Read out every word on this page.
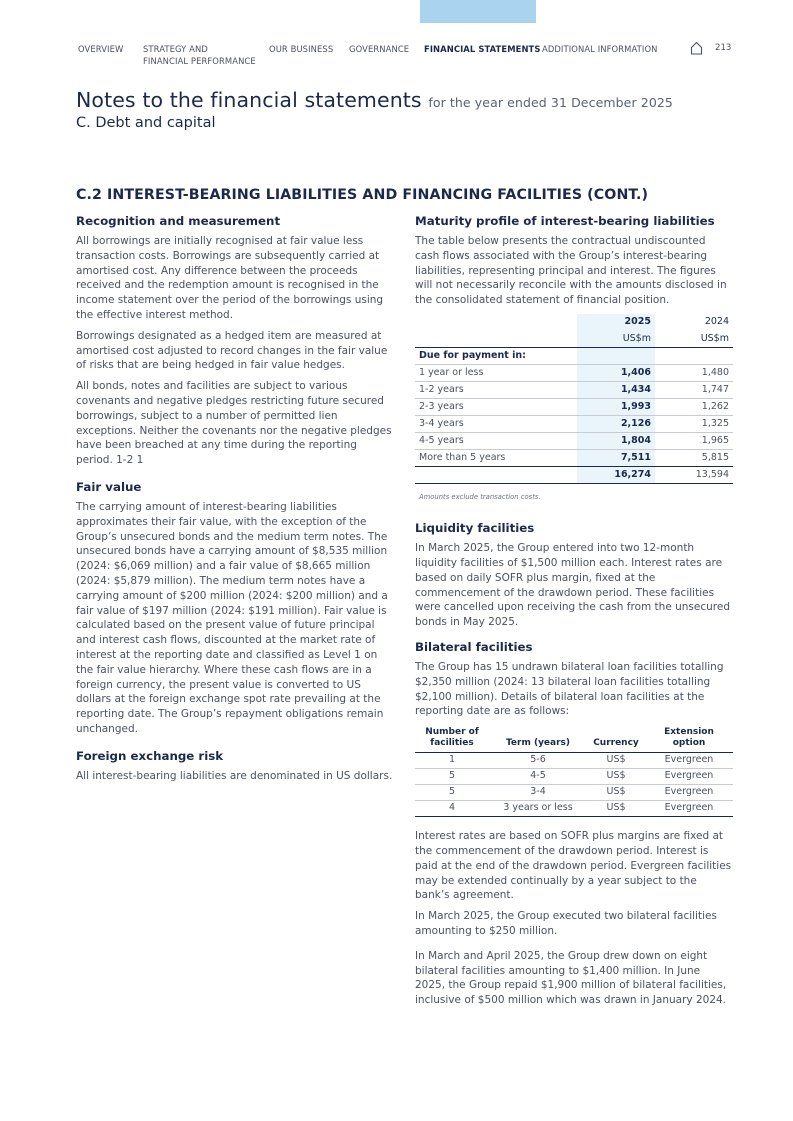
OVERVIEW STRATEGY AND
FINANCIAL PERFORMANCE
OUR BUSINESS GOVERNANCE FINANCIAL STATEMENTS ADDITIONAL INFORMATION	213
Notes to the financial statements for the year ended 31 December 2025
C. Debt and capital
C.2 INTEREST-BEARING LIABILITIES AND FINANCING FACILITIES (CONT.)
Recognition and measurement

All borrowings are initially recognised at fair value less transaction costs. Borrowings are subsequently carried at amortised cost. Any difference between the proceeds received and the redemption amount is recognised in the income statement over the period of the borrowings using the effective interest method.

Borrowings designated as a hedged item are measured at amortised cost adjusted to record changes in the fair value of risks that are being hedged in fair value hedges.

All bonds, notes and facilities are subject to various covenants and negative pledges restricting future secured borrowings, subject to a number of permitted lien exceptions. Neither the covenants nor the negative pledges have been breached at any time during the reporting period. 1-2 1

Fair value

The carrying amount of interest-bearing liabilities approximates their fair value, with the exception of the Group’s unsecured bonds and the medium term notes. The unsecured bonds have a carrying amount of $8,535 million (2024: $6,069 million) and a fair value of $8,665 million (2024: $5,879 million). The medium term notes have a carrying amount of $200 million (2024: $200 million) and a fair value of $197 million (2024: $191 million). Fair value is calculated based on the present value of future principal and interest cash flows, discounted at the market rate of interest at the reporting date and classified as Level 1 on the fair value hierarchy. Where these cash flows are in a foreign currency, the present value is converted to US dollars at the foreign exchange spot rate prevailing at the reporting date. The Group’s repayment obligations remain unchanged.

Foreign exchange risk

All interest-bearing liabilities are denominated in US dollars.

Maturity profile of interest-bearing liabilities

The table below presents the contractual undiscounted cash flows associated with the Group’s interest-bearing liabilities, representing principal and interest. The figures will not necessarily reconcile with the amounts disclosed in the consolidated statement of financial position.

	2025	2024
	US$m	US$m
Due for payment in:		
1 year or less	1,406	1,480
1-2 years	1,434	1,747
2-3 years	1,993	1,262
3-4 years	2,126	1,325
4-5 years	1,804	1,965
More than 5 years	7,511	5,815
	16,274	13,594
Amounts exclude transaction costs.
Liquidity facilities

In March 2025, the Group entered into two 12-month liquidity facilities of $1,500 million each. Interest rates are based on daily SOFR plus margin, fixed at the commencement of the drawdown period. These facilities were cancelled upon receiving the cash from the unsecured bonds in May 2025.

Bilateral facilities

The Group has 15 undrawn bilateral loan facilities totalling $2,350 million (2024: 13 bilateral loan facilities totalling $2,100 million). Details of bilateral loan facilities at the reporting date are as follows:

Number of facilities	Term (years)	Currency	Extension option
1	5-6	US$	Evergreen
5	4-5	US$	Evergreen
5	3-4	US$	Evergreen
4	3 years or less	US$	Evergreen

Interest rates are based on SOFR plus margins are fixed at the commencement of the drawdown period. Interest is paid at the end of the drawdown period. Evergreen facilities may be extended continually by a year subject to the bank’s agreement.

In March 2025, the Group executed two bilateral facilities amounting to $250 million.

In March and April 2025, the Group drew down on eight bilateral facilities amounting to $1,400 million. In June 2025, the Group repaid $1,900 million of bilateral facilities, inclusive of $500 million which was drawn in January 2024.
